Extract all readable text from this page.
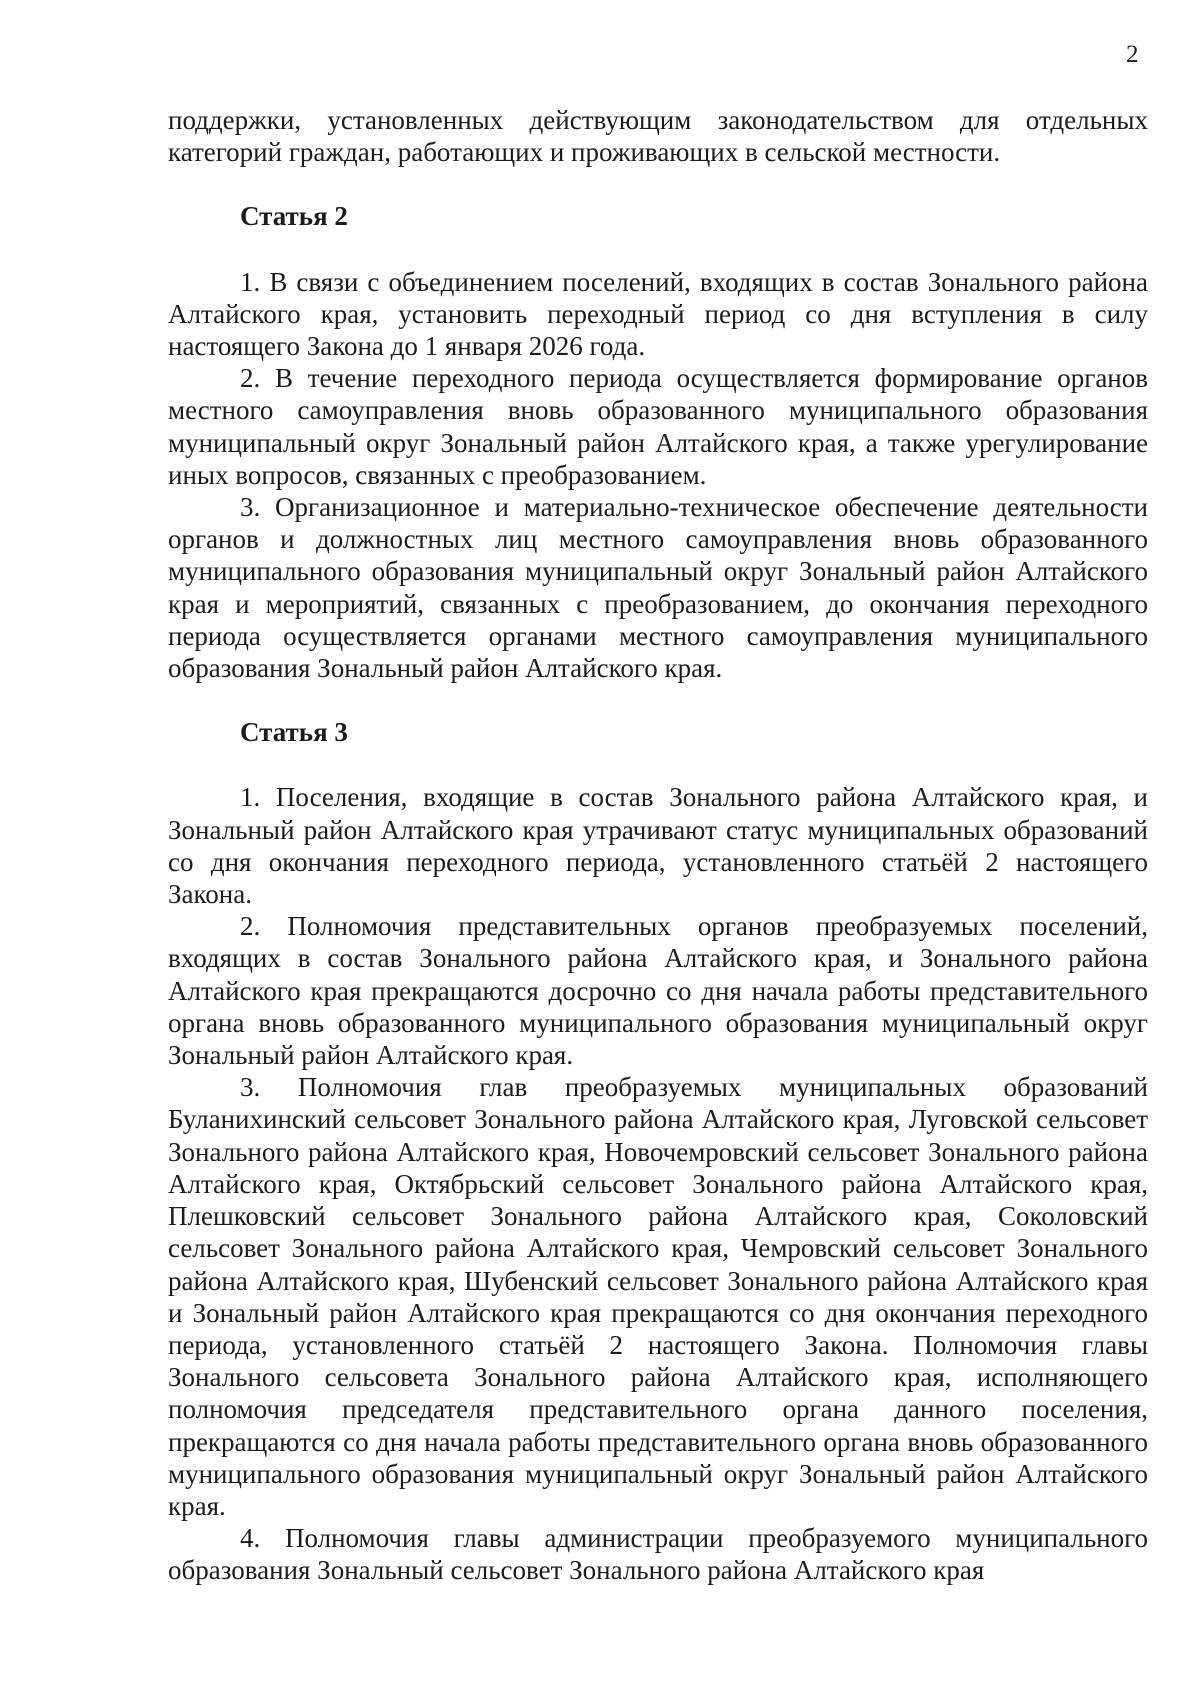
2

поддержки, установленных действующим законодательством для отдельных категорий граждан, работающих и проживающих в сельской местности.

Статья 2

1. В связи с объединением поселений, входящих в состав Зонального района Алтайского края, установить переходный период со дня вступления в силу настоящего Закона до 1 января 2026 года.

2. В течение переходного периода осуществляется формирование органов местного самоуправления вновь образованного муниципального образования муниципальный округ Зональный район Алтайского края, а также урегулирование иных вопросов, связанных с преобразованием.

3. Организационное и материально-техническое обеспечение деятельности органов и должностных лиц местного самоуправления вновь образованного муниципального образования муниципальный округ Зональный район Алтайского края и мероприятий, связанных с преобразованием, до окончания переходного периода осуществляется органами местного самоуправления муниципального образования Зональный район Алтайского края.

Статья 3

1. Поселения, входящие в состав Зонального района Алтайского края, и Зональный район Алтайского края утрачивают статус муниципальных образований со дня окончания переходного периода, установленного статьёй 2 настоящего Закона.

2. Полномочия представительных органов преобразуемых поселений, входящих в состав Зонального района Алтайского края, и Зонального района Алтайского края прекращаются досрочно со дня начала работы представительного органа вновь образованного муниципального образования муниципальный округ Зональный район Алтайского края.

3. Полномочия глав преобразуемых муниципальных образований Буланихинский сельсовет Зонального района Алтайского края, Луговской сельсовет Зонального района Алтайского края, Новочемровский сельсовет Зонального района Алтайского края, Октябрьский сельсовет Зонального района Алтайского края, Плешковский сельсовет Зонального района Алтайского края, Соколовский сельсовет Зонального района Алтайского края, Чемровский сельсовет Зонального района Алтайского края, Шубенский сельсовет Зонального района Алтайского края и Зональный район Алтайского края прекращаются со дня окончания переходного периода, установленного статьёй 2 настоящего Закона. Полномочия главы Зонального сельсовета Зонального района Алтайского края, исполняющего полномочия председателя представительного органа данного поселения, прекращаются со дня начала работы представительного органа вновь образованного муниципального образования муниципальный округ Зональный район Алтайского края.

4. Полномочия главы администрации преобразуемого муниципального образования Зональный сельсовет Зонального района Алтайского края
